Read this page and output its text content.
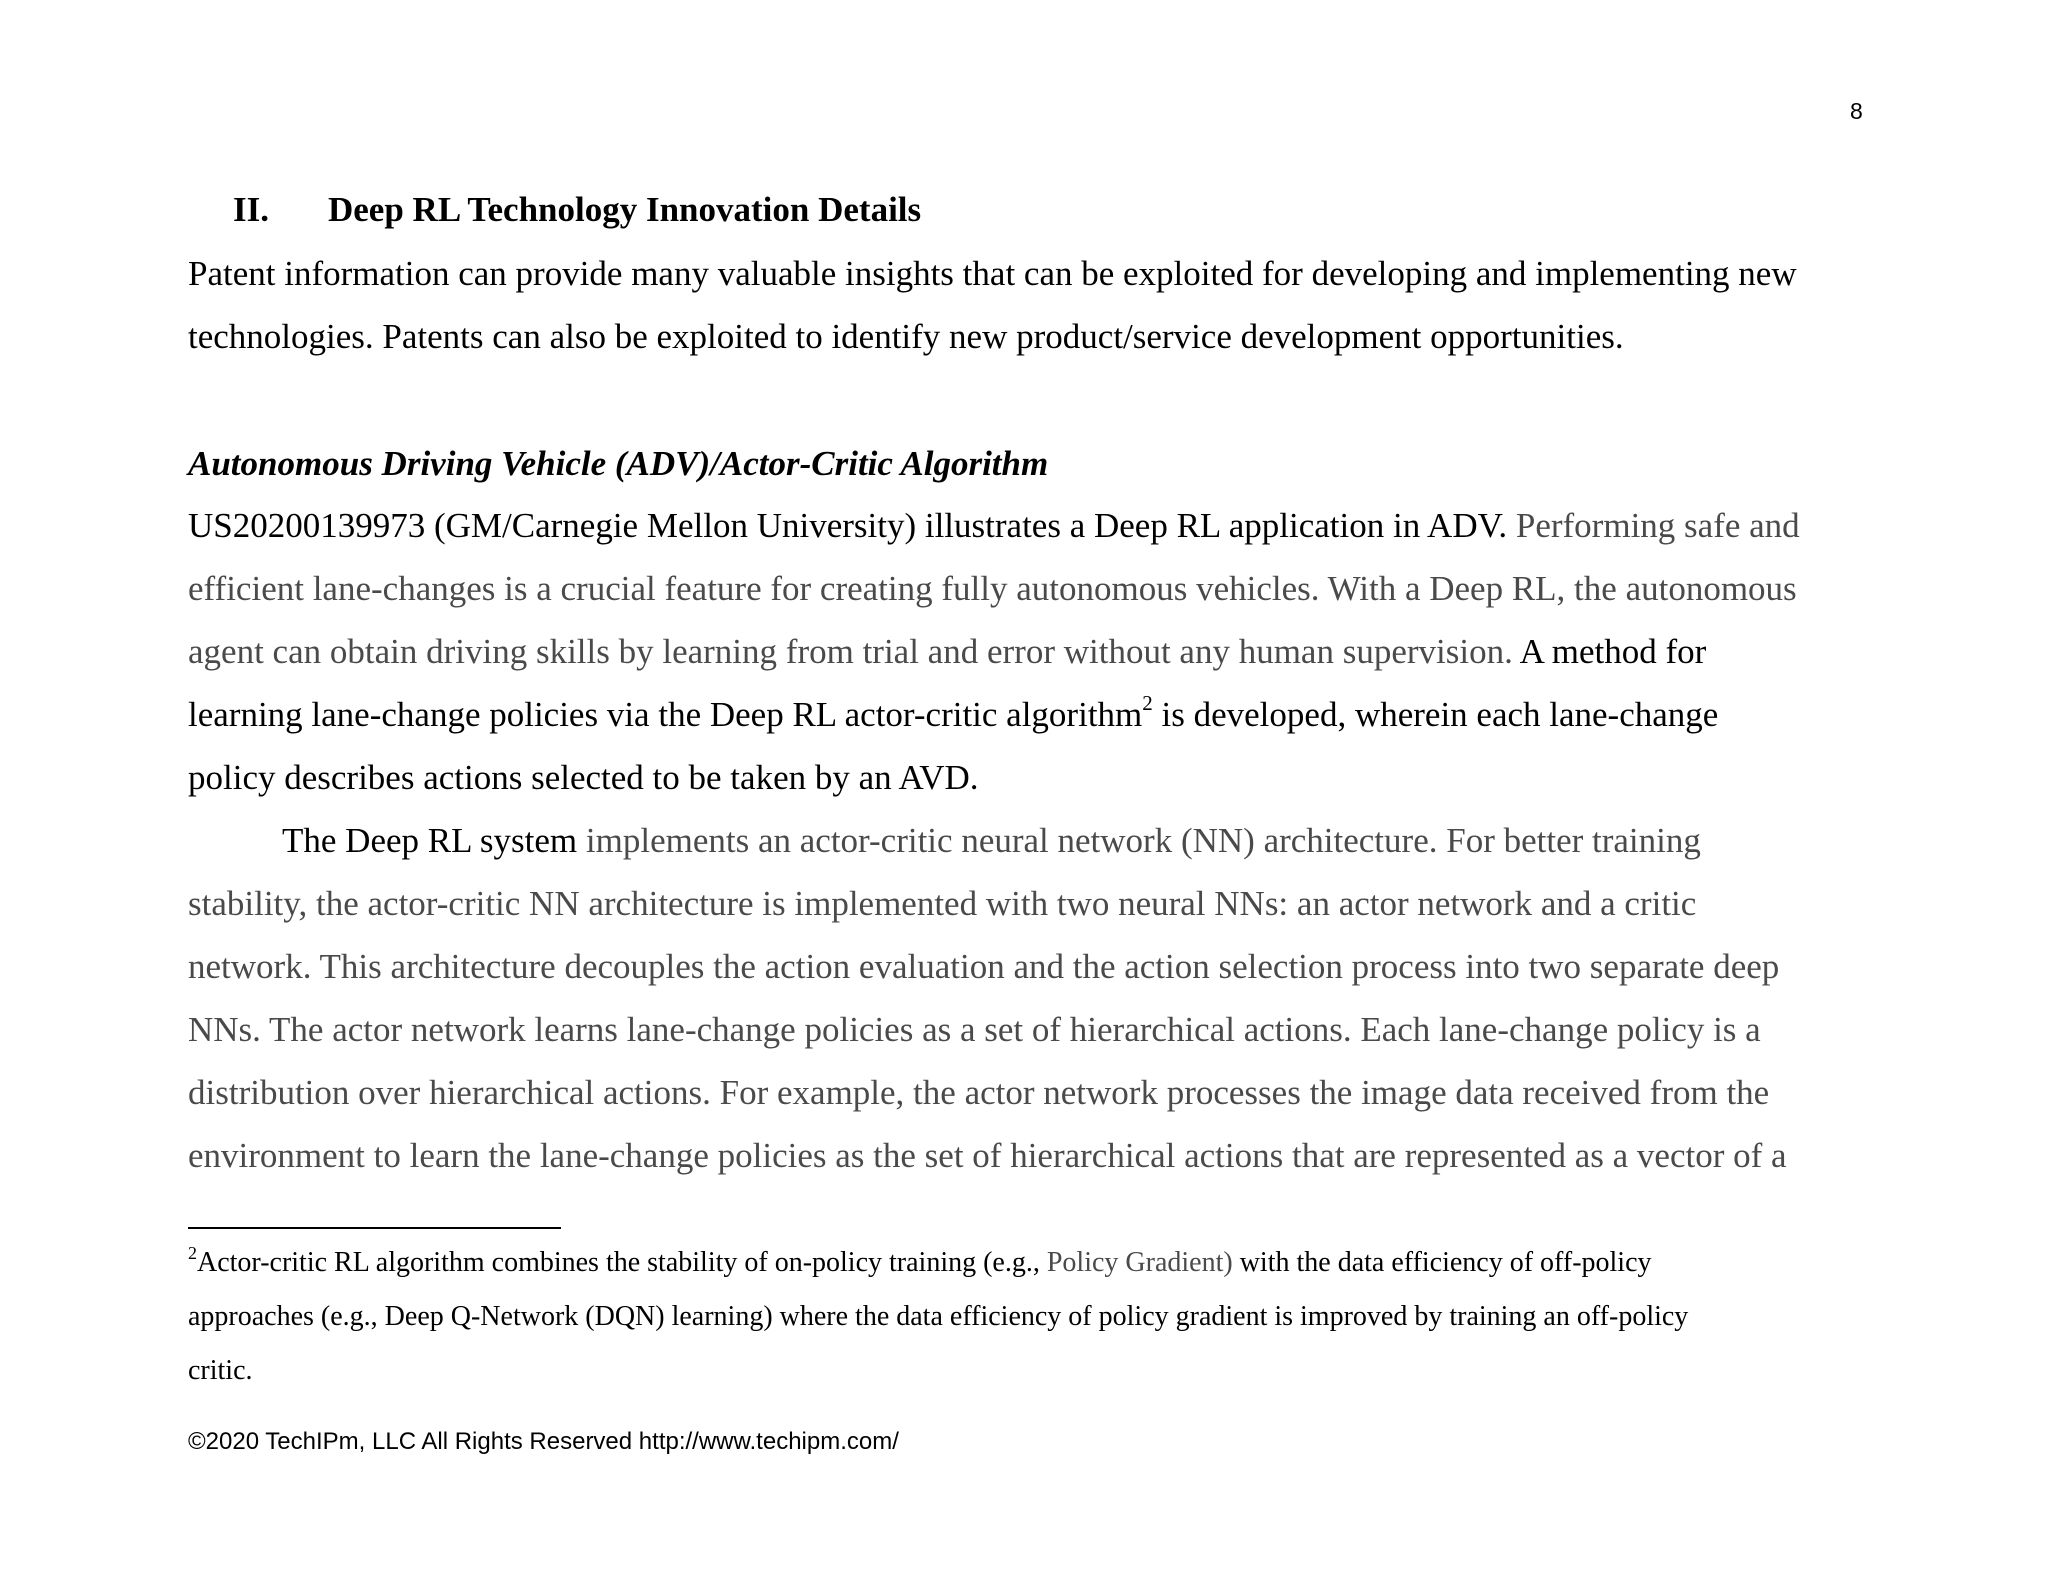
8
II. Deep RL Technology Innovation Details
Patent information can provide many valuable insights that can be exploited for developing and implementing new
technologies. Patents can also be exploited to identify new product/service development opportunities.
Autonomous Driving Vehicle (ADV)/Actor-Critic Algorithm
US20200139973 (GM/Carnegie Mellon University) illustrates a Deep RL application in ADV. Performing safe and
efficient lane-changes is a crucial feature for creating fully autonomous vehicles. With a Deep RL, the autonomous
agent can obtain driving skills by learning from trial and error without any human supervision. A method for
learning lane-change policies via the Deep RL actor-critic algorithm$^2$ is developed, wherein each lane-change
policy describes actions selected to be taken by an AVD.
The Deep RL system implements an actor-critic neural network (NN) architecture. For better training
stability, the actor-critic NN architecture is implemented with two neural NNs: an actor network and a critic
network. This architecture decouples the action evaluation and the action selection process into two separate deep
NNs. The actor network learns lane-change policies as a set of hierarchical actions. Each lane-change policy is a
distribution over hierarchical actions. For example, the actor network processes the image data received from the
environment to learn the lane-change policies as the set of hierarchical actions that are represented as a vector of a
$^2$Actor-critic RL algorithm combines the stability of on-policy training (e.g., Policy Gradient) with the data efficiency of off-policy
approaches (e.g., Deep Q-Network (DQN) learning) where the data efficiency of policy gradient is improved by training an off-policy
critic.
©2020 TechIPm, LLC All Rights Reserved http://www.techipm.com/
